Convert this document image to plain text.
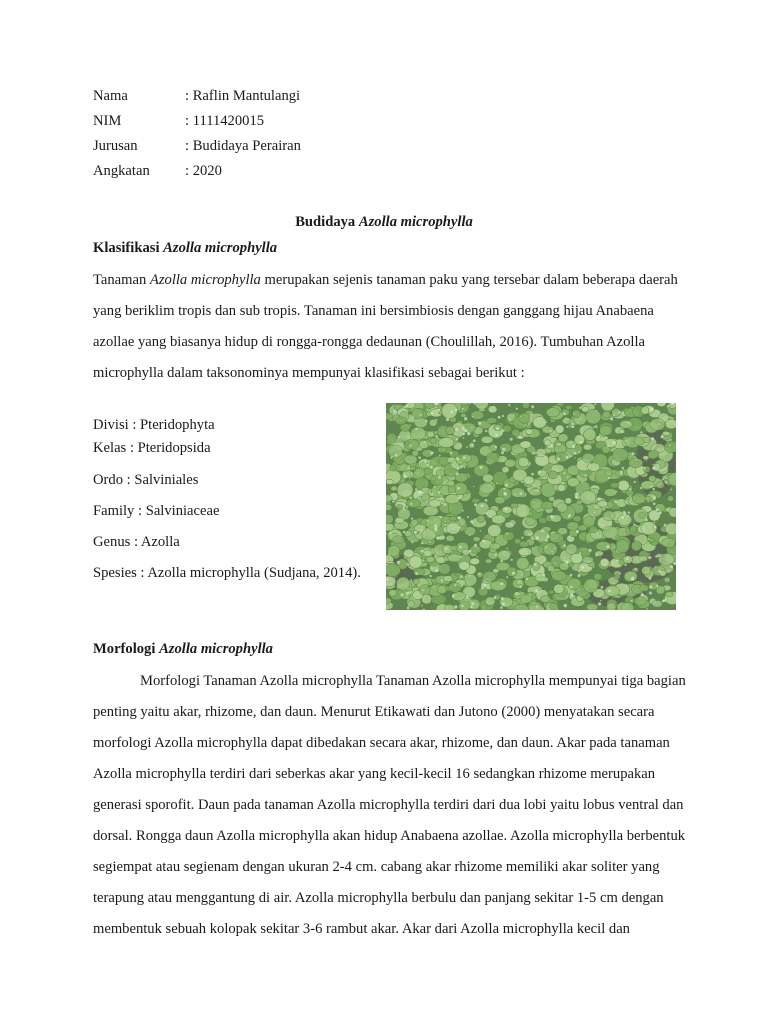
Nama	: Raflin Mantulangi
NIM	: 1111420015
Jurusan	: Budidaya Perairan
Angkatan	: 2020
Budidaya Azolla microphylla
Klasifikasi Azolla microphylla
Tanaman Azolla microphylla merupakan sejenis tanaman paku yang tersebar dalam beberapa daerah
yang beriklim tropis dan sub tropis. Tanaman ini bersimbiosis dengan ganggang hijau Anabaena
azollae yang biasanya hidup di rongga-rongga dedaunan (Choulillah, 2016). Tumbuhan Azolla
microphylla dalam taksonominya mempunyai klasifikasi sebagai berikut :
Divisi : Pteridophyta
Kelas : Pteridopsida
Ordo : Salviniales
Family : Salviniaceae
Genus : Azolla
Spesies : Azolla microphylla (Sudjana, 2014).
Morfologi Azolla microphylla
Morfologi Tanaman Azolla microphylla Tanaman Azolla microphylla mempunyai tiga bagian
penting yaitu akar, rhizome, dan daun. Menurut Etikawati dan Jutono (2000) menyatakan secara
morfologi Azolla microphylla dapat dibedakan secara akar, rhizome, dan daun. Akar pada tanaman
Azolla microphylla terdiri dari seberkas akar yang kecil-kecil 16 sedangkan rhizome merupakan
generasi sporofit. Daun pada tanaman Azolla microphylla terdiri dari dua lobi yaitu lobus ventral dan
dorsal. Rongga daun Azolla microphylla akan hidup Anabaena azollae. Azolla microphylla berbentuk
segiempat atau segienam dengan ukuran 2-4 cm. cabang akar rhizome memiliki akar soliter yang
terapung atau menggantung di air. Azolla microphylla berbulu dan panjang sekitar 1-5 cm dengan
membentuk sebuah kolopak sekitar 3-6 rambut akar. Akar dari Azolla microphylla kecil dan
